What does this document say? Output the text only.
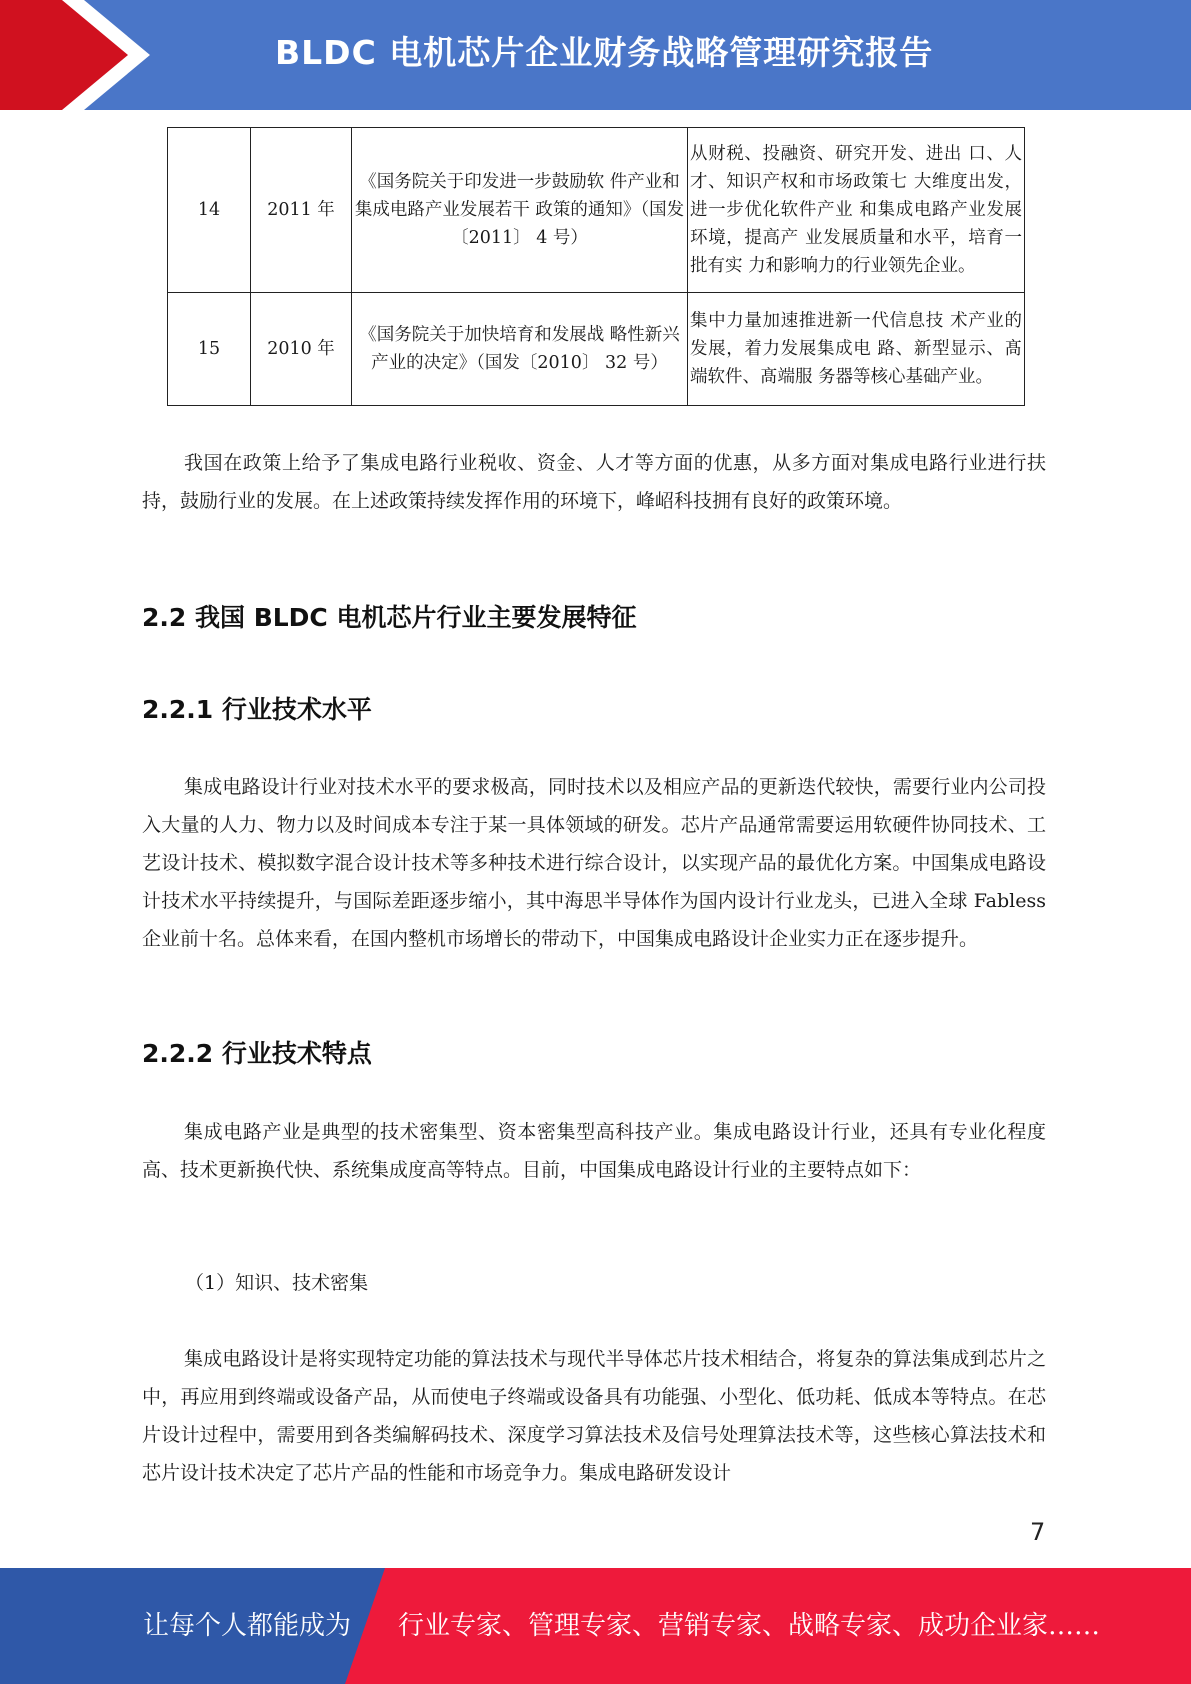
BLDC 电机芯片企业财务战略管理研究报告
14	2011 年	《国务院关于印发进一步鼓励软 件产业和集成电路产业发展若干 政策的通知》（国发〔2011〕 4 号）	从财税、投融资、研究开发、进出 口、人才、知识产权和市场政策七 大维度出发，进一步优化软件产业 和集成电路产业发展环境，提高产 业发展质量和水平，培育一批有实 力和影响力的行业领先企业。
15	2010 年	《国务院关于加快培育和发展战 略性新兴产业的决定》（国发〔2010〕 32 号）	集中力量加速推进新一代信息技 术产业的发展，着力发展集成电 路、新型显示、髙端软件、髙端服 务器等核心基础产业。

我国在政策上给予了集成电路行业税收、资金、人才等方面的优惠，从多方面对集成电路行业进行扶持，鼓励行业的发展。在上述政策持续发挥作用的环境下，峰岹科技拥有良好的政策环境。

2.2 我国 BLDC 电机芯片行业主要发展特征
2.2.1 行业技术水平

集成电路设计行业对技术水平的要求极高，同时技术以及相应产品的更新迭代较快，需要行业内公司投入大量的人力、物力以及时间成本专注于某一具体领域的研发。芯片产品通常需要运用软硬件协同技术、工艺设计技术、模拟数字混合设计技术等多种技术进行综合设计，以实现产品的最优化方案。中国集成电路设计技术水平持续提升，与国际差距逐步缩小，其中海思半导体作为国内设计行业龙头，已进入全球 Fabless 企业前十名。总体来看，在国内整机市场增长的带动下，中国集成电路设计企业实力正在逐步提升。

2.2.2 行业技术特点

集成电路产业是典型的技术密集型、资本密集型高科技产业。集成电路设计行业，还具有专业化程度高、技术更新换代快、系统集成度高等特点。目前，中国集成电路设计行业的主要特点如下：

（1）知识、技术密集

集成电路设计是将实现特定功能的算法技术与现代半导体芯片技术相结合，将复杂的算法集成到芯片之中，再应用到终端或设备产品，从而使电子终端或设备具有功能强、小型化、低功耗、低成本等特点。在芯片设计过程中，需要用到各类编解码技术、深度学习算法技术及信号处理算法技术等，这些核心算法技术和芯片设计技术决定了芯片产品的性能和市场竞争力。集成电路研发设计

7
让每个人都能成为 行业专家、管理专家、营销专家、战略专家、成功企业家……
